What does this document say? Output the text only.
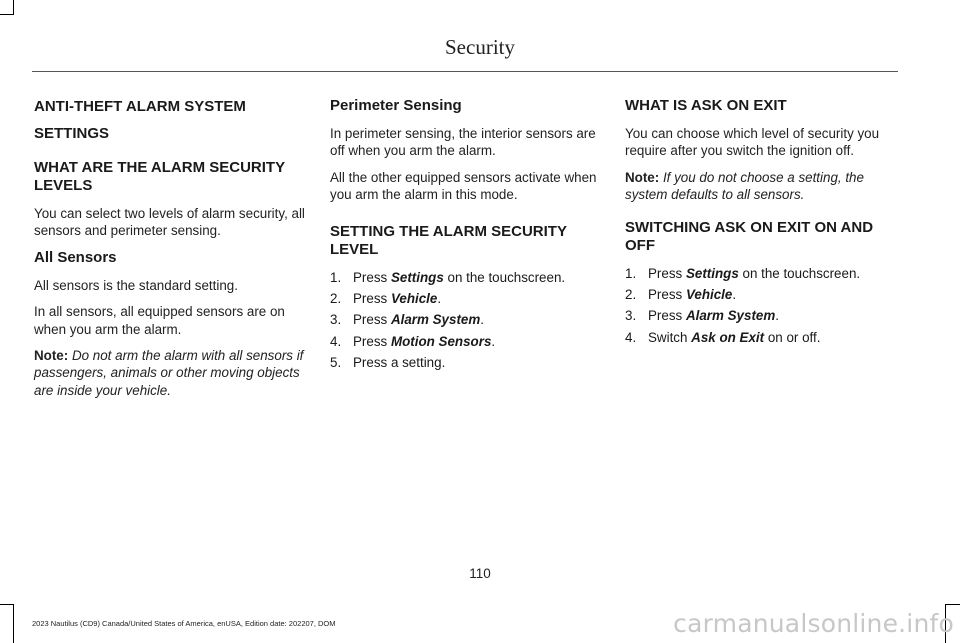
Security
ANTI-THEFT ALARM SYSTEM
SETTINGS
WHAT ARE THE ALARM SECURITY LEVELS

You can select two levels of alarm security, all sensors and perimeter sensing.

All Sensors

All sensors is the standard setting.

In all sensors, all equipped sensors are on when you arm the alarm.

Note: Do not arm the alarm with all sensors if passengers, animals or other moving objects are inside your vehicle.

Perimeter Sensing

In perimeter sensing, the interior sensors are off when you arm the alarm.

All the other equipped sensors activate when you arm the alarm in this mode.

SETTING THE ALARM SECURITY LEVEL
1. Press Settings on the touchscreen.
2. Press Vehicle.
3. Press Alarm System.
4. Press Motion Sensors.
5. Press a setting.
WHAT IS ASK ON EXIT

You can choose which level of security you require after you switch the ignition off.

Note: If you do not choose a setting, the system defaults to all sensors.

SWITCHING ASK ON EXIT ON AND OFF
1. Press Settings on the touchscreen.
2. Press Vehicle.
3. Press Alarm System.
4. Switch Ask on Exit on or off.
110
2023 Nautilus (CD9) Canada/United States of America, enUSA, Edition date: 202207, DOM	carmanualsonline.info
